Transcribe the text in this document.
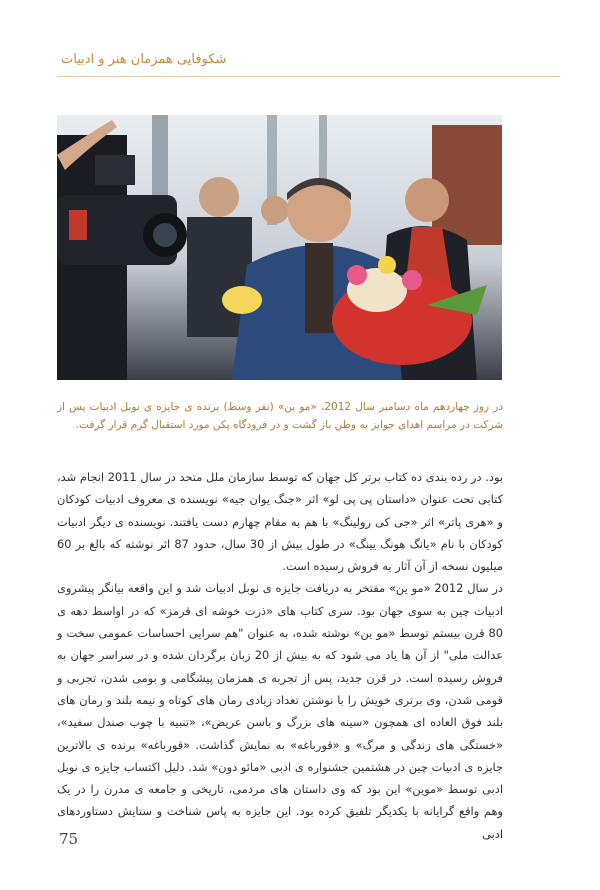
شکوفایی همزمان هنر و ادبیات
در روز چهاردهم ماه دسامبر سال 2012، «مو ین» (نفر وسط) برنده ی جایزه ی نوبل ادبیات پس از شرکت در مراسم اهدای جوایز به وطن باز گشت و در فرودگاه پکن مورد استقبال گرم قرار گرفت.

بود. در رده بندی ده کتاب برتر کل جهان که توسط سازمان ملل متحد در سال 2011 انجام شد، کتابی تحت عنوان «داستان پی پی لو» اثر «جنگ یوان جیه» نویسنده ی معروف ادبیات کودکان و «هری پاتر» اثر «جی کی رولینگ» با هم به مقام چهارم دست یافتند. نویسنده ی دیگر ادبیات کودکان با نام «یانگ هونگ یینگ» در طول بیش از 30 سال، حدود 87 اثر نوشته که بالغ بر 60 میلیون نسخه از آن آثار به فروش رسیده است.

در سال 2012 «مو ین» مفتخر به دریافت جایزه ی نوبل ادبیات شد و این واقعه بیانگر پیشروی ادبیات چین به سوی جهان بود. سری کتاب های «ذرت خوشه ای قرمز» که در اواسط دهه ی 80 قرن بیستم توسط «مو ین» نوشته شده، به عنوان "هم سرایی احساسات عمومی سخت و عدالت ملی" از آن ها یاد می شود که به بیش از 20 زبان برگردان شده و در سراسر جهان به فروش رسیده است. در قرن جدید، پس از تجربه ی همزمان پیشگامی و بومی شدن، تجربی و قومی شدن، وی برتری خویش را با نوشتن تعداد زیادی رمان های کوتاه و نیمه بلند و رمان های بلند فوق العاده ای همچون «سینه های بزرگ و باسن عریض»، «تنبیه با چوب صندل سفید»، «خستگی های زندگی و مرگ» و «قورباغه» به نمایش گذاشت. «قورباغه» برنده ی بالاترین جایزه ی ادبیات چین در هشتمین جشنواره ی ادبی «مائو دون» شد. دلیل اکتساب جایزه ی نوبل ادبی توسط «موین» این بود که وی داستان های مردمی، تاریخی و جامعه ی مدرن را در یک وهم واقع گرایانه با یکدیگر تلفیق کرده بود. این جایزه به پاس شناخت و ستایش دستاوردهای ادبی

75
